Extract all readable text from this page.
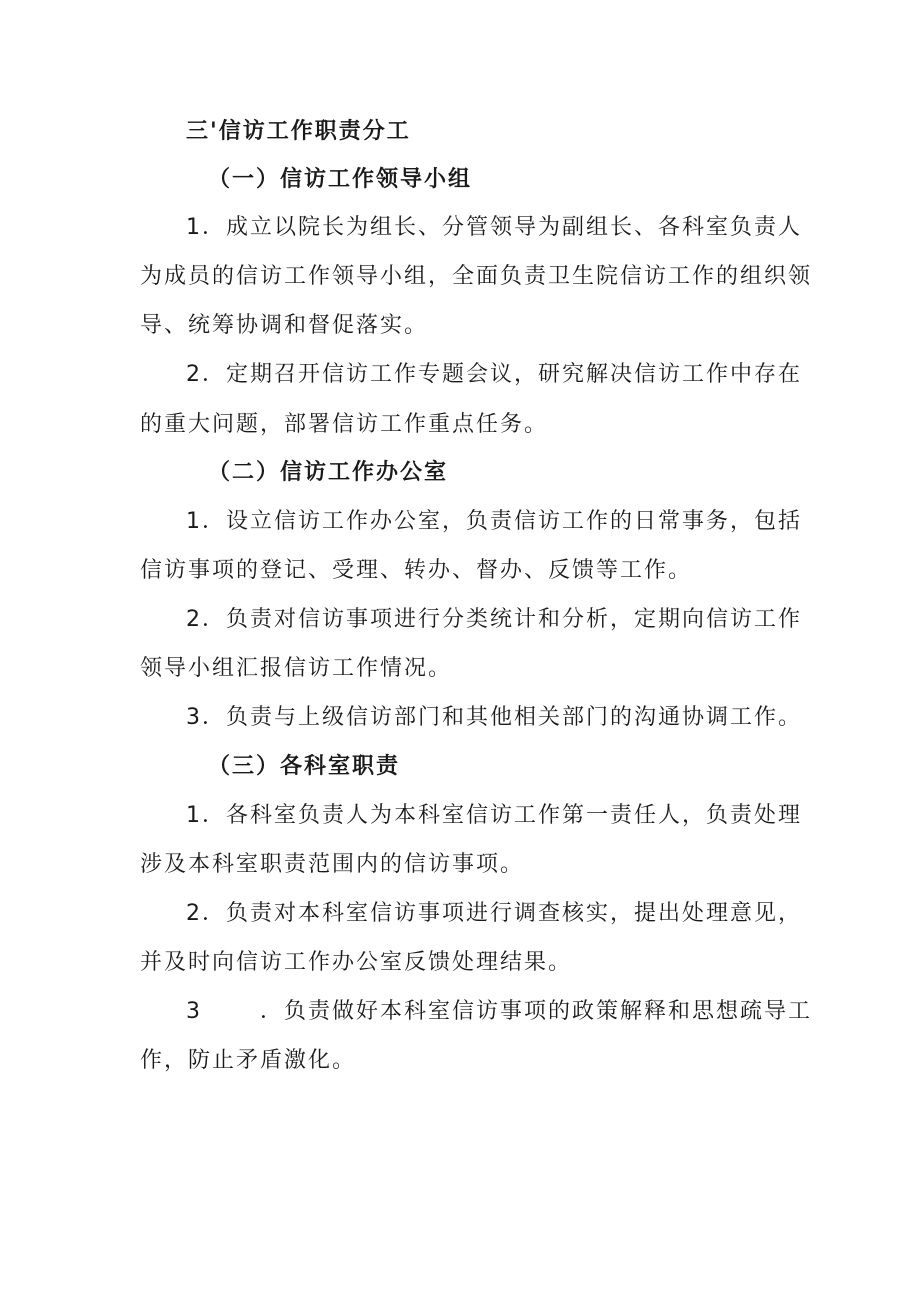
三'信访工作职责分工
（一）信访工作领导小组
1．成立以院长为组长、分管领导为副组长、各科室负责人
为成员的信访工作领导小组，全面负责卫生院信访工作的组织领
导、统筹协调和督促落实。
2．定期召开信访工作专题会议，研究解决信访工作中存在
的重大问题，部署信访工作重点任务。
（二）信访工作办公室
1．设立信访工作办公室，负责信访工作的日常事务，包括
信访事项的登记、受理、转办、督办、反馈等工作。
2．负责对信访事项进行分类统计和分析，定期向信访工作
领导小组汇报信访工作情况。
3．负责与上级信访部门和其他相关部门的沟通协调工作。
（三）各科室职责
1．各科室负责人为本科室信访工作第一责任人，负责处理
涉及本科室职责范围内的信访事项。
2．负责对本科室信访事项进行调查核实，提出处理意见，
并及时向信访工作办公室反馈处理结果。
3	．负责做好本科室信访事项的政策解释和思想疏导工
作，防止矛盾激化。
